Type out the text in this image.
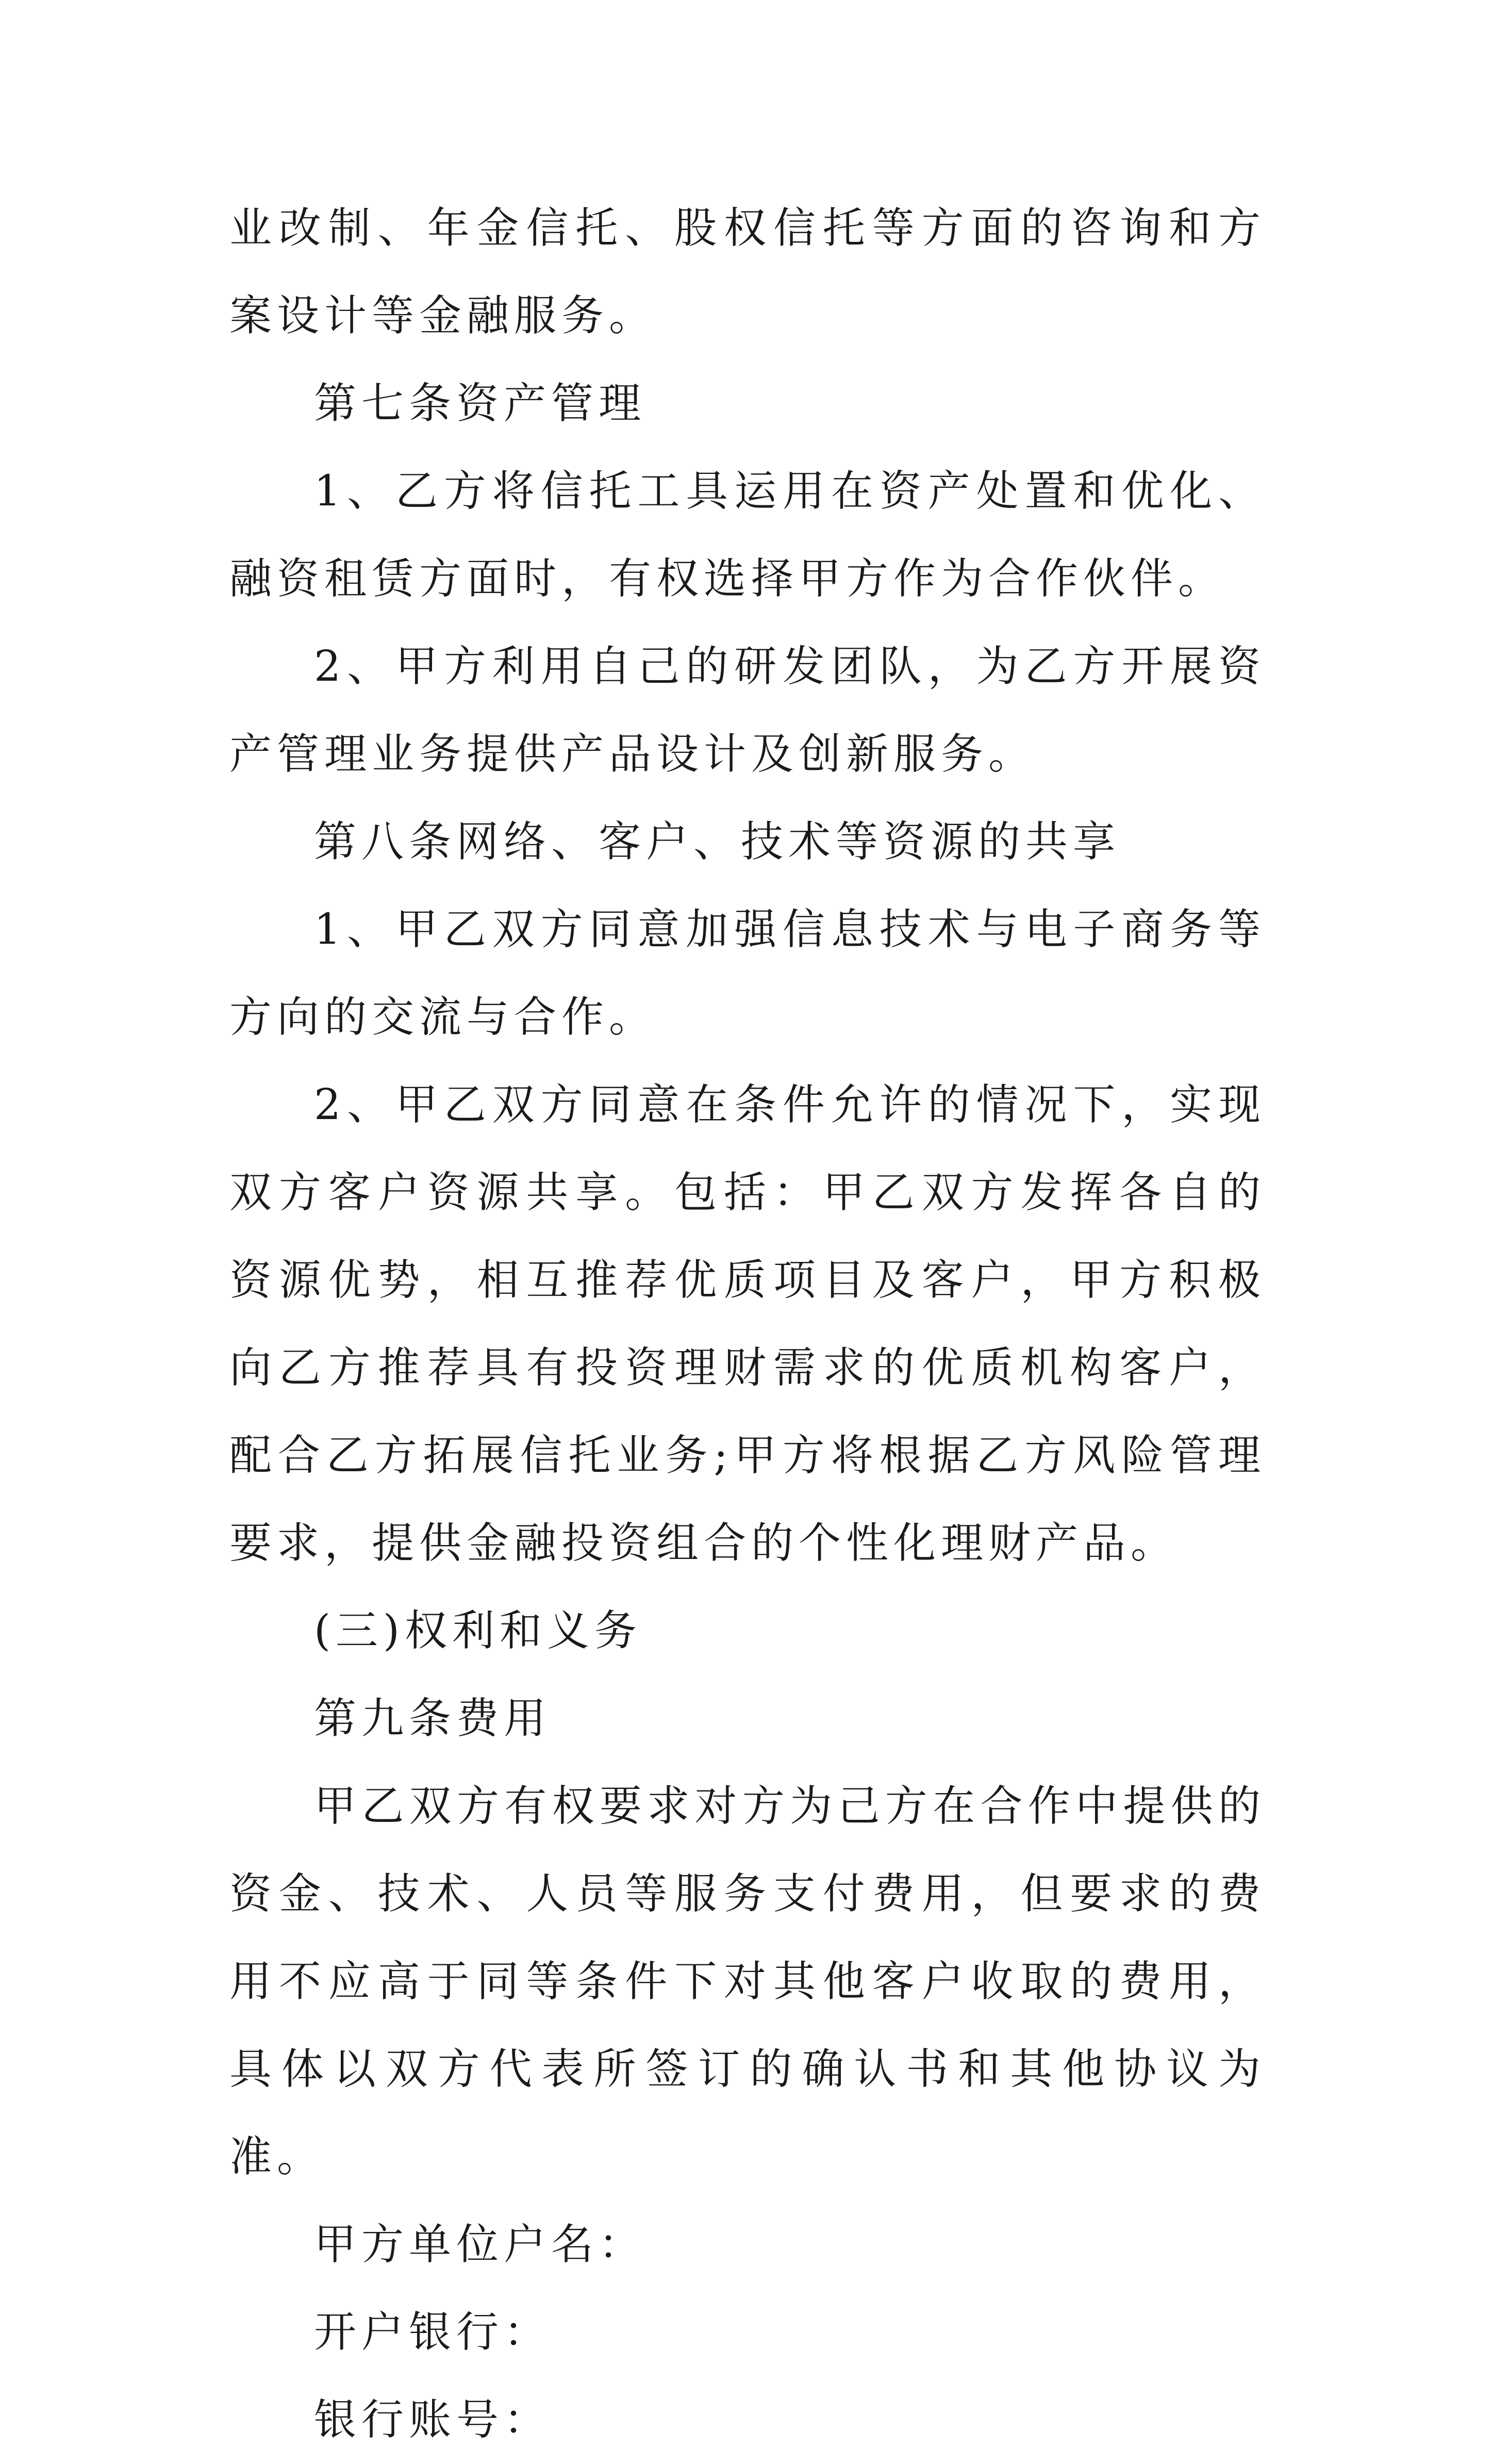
业改制、年金信托、股权信托等方面的咨询和方案设计等金融服务。

第七条资产管理

1、乙方将信托工具运用在资产处置和优化、融资租赁方面时，有权选择甲方作为合作伙伴。

2、甲方利用自己的研发团队，为乙方开展资产管理业务提供产品设计及创新服务。

第八条网络、客户、技术等资源的共享

1、甲乙双方同意加强信息技术与电子商务等方向的交流与合作。

2、甲乙双方同意在条件允许的情况下，实现双方客户资源共享。包括：甲乙双方发挥各自的资源优势，相互推荐优质项目及客户，甲方积极向乙方推荐具有投资理财需求的优质机构客户，配合乙方拓展信托业务;甲方将根据乙方风险管理要求，提供金融投资组合的个性化理财产品。

(三)权利和义务

第九条费用

甲乙双方有权要求对方为己方在合作中提供的资金、技术、人员等服务支付费用，但要求的费用不应高于同等条件下对其他客户收取的费用，具体以双方代表所签订的确认书和其他协议为准。

甲方单位户名：

开户银行：

银行账号：
